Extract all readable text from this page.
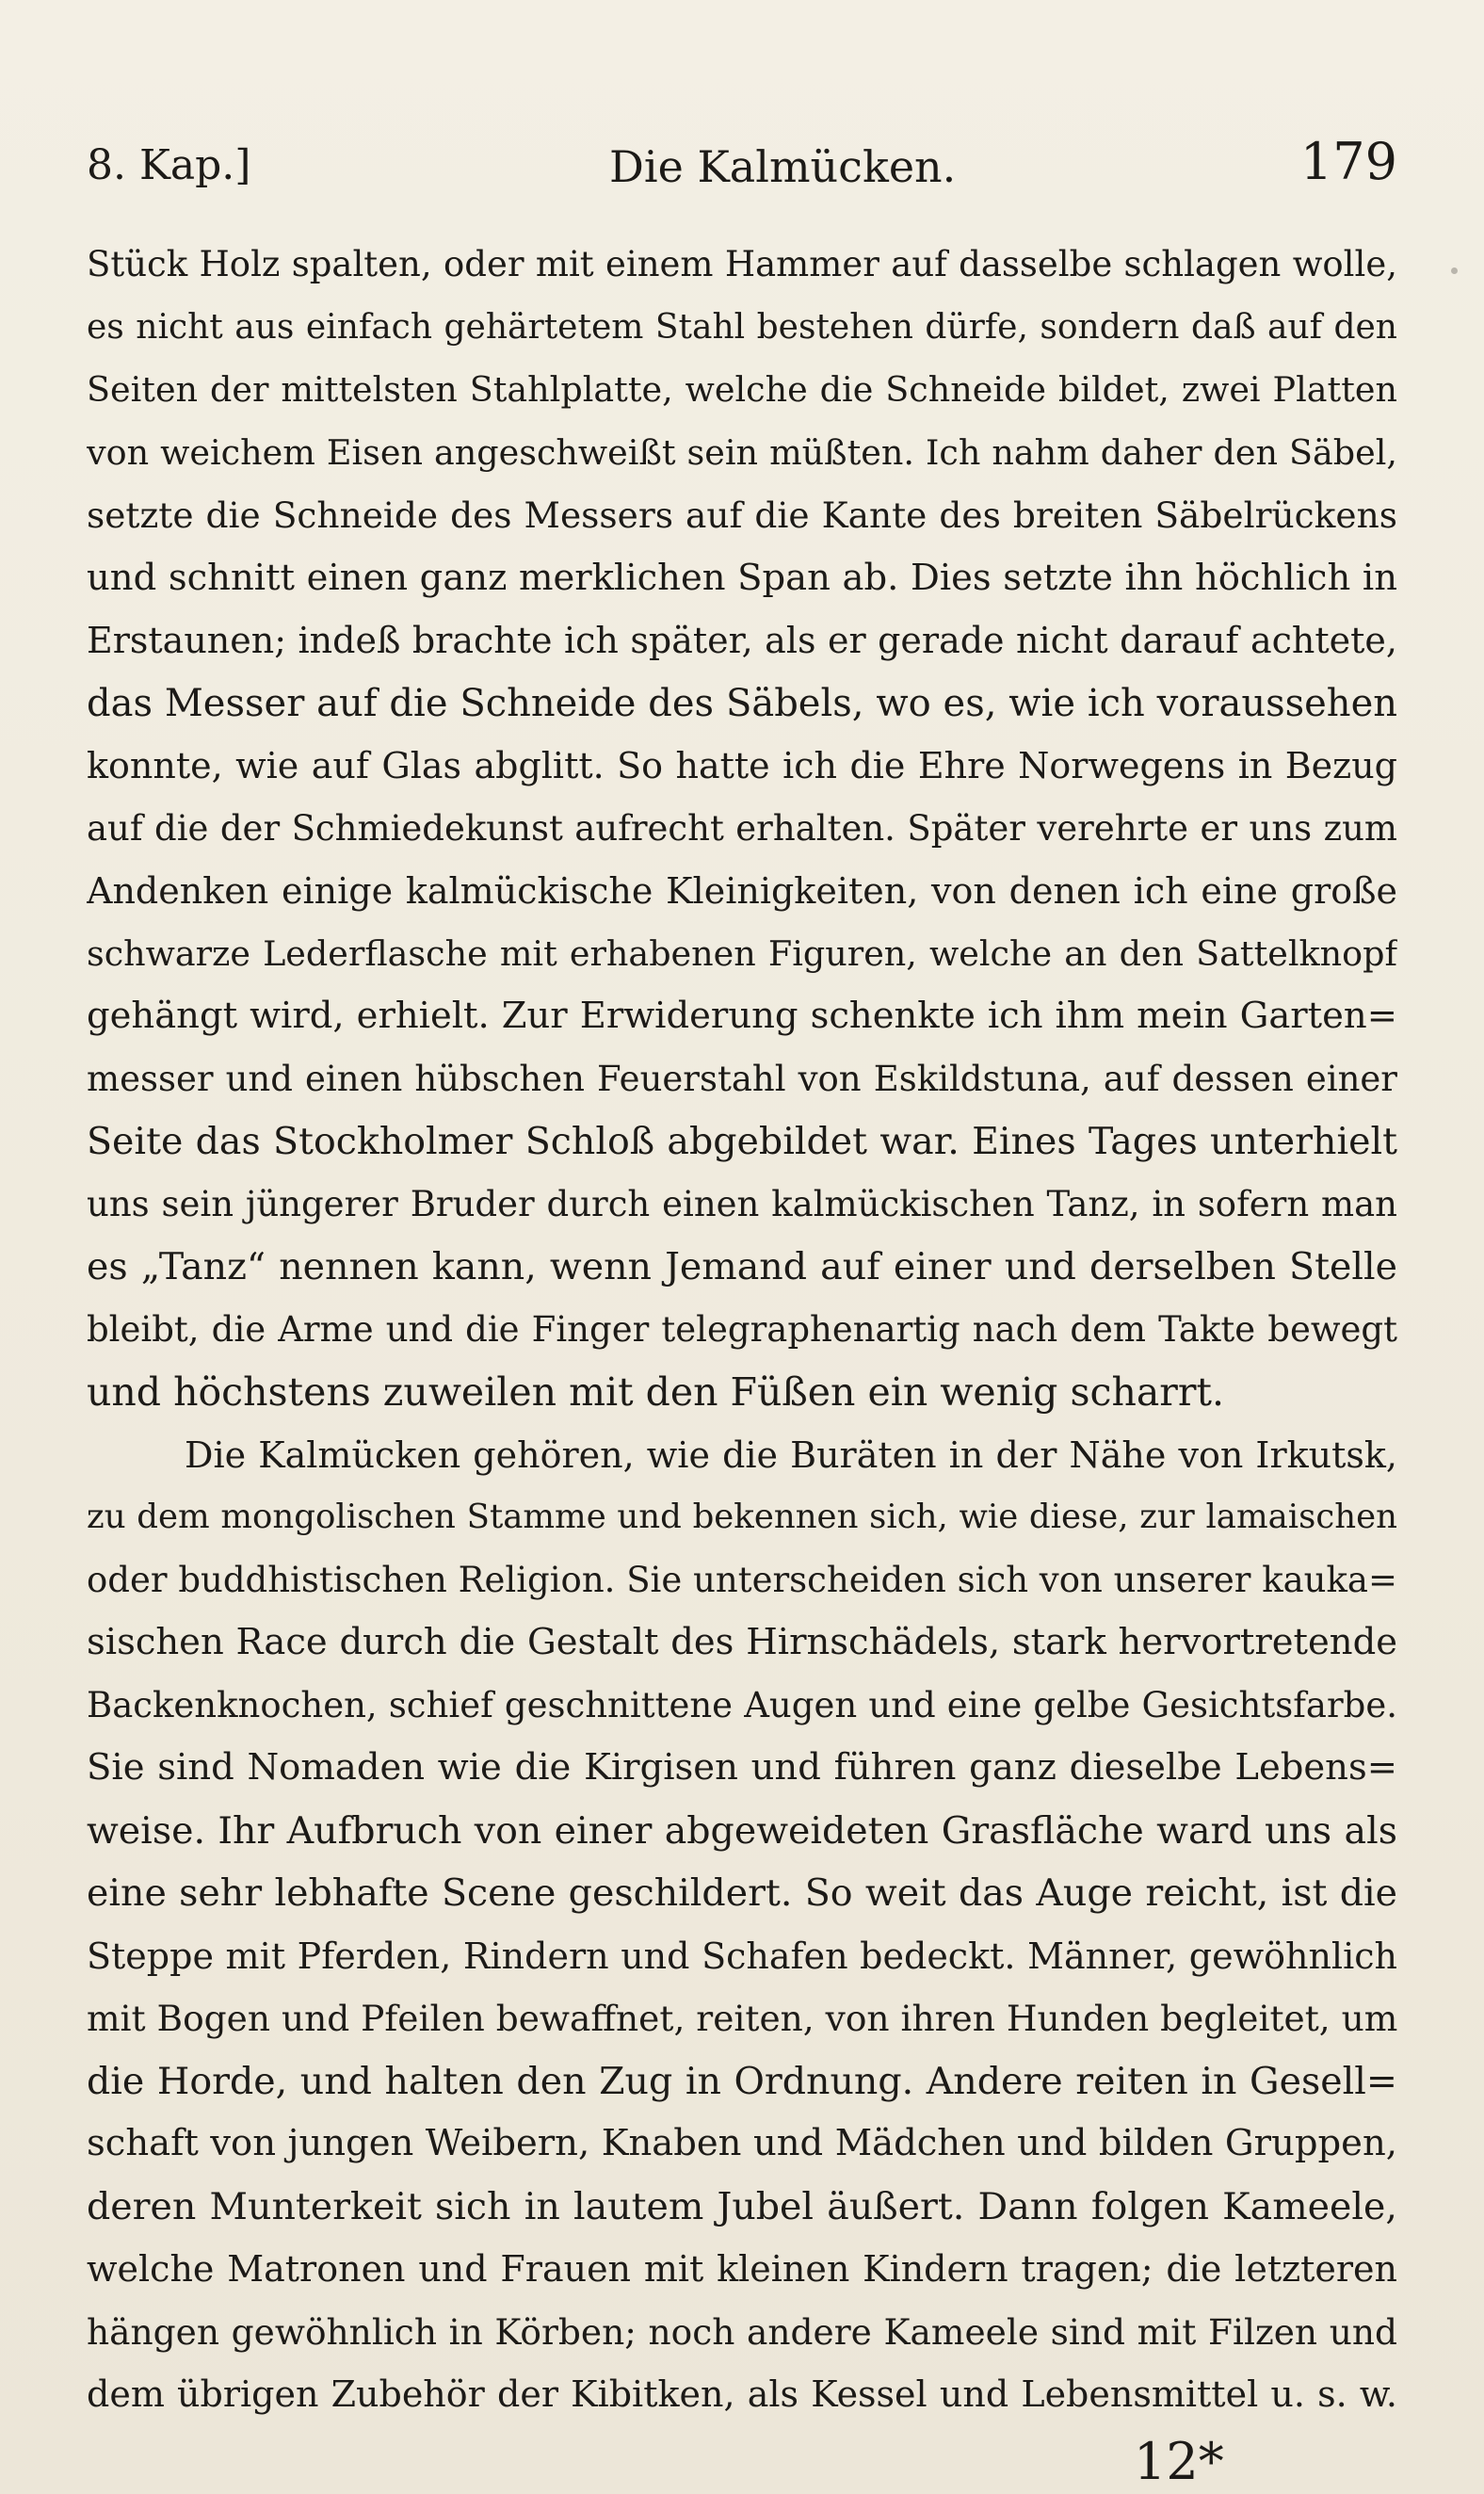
8. Kap.]	Die Kalmücken.	179
Stück Holz spalten, oder mit einem Hammer auf dasselbe schlagen wolle,
es nicht aus einfach gehärtetem Stahl bestehen dürfe, sondern daß auf den
Seiten der mittelsten Stahlplatte, welche die Schneide bildet, zwei Platten
von weichem Eisen angeschweißt sein müßten. Ich nahm daher den Säbel,
setzte die Schneide des Messers auf die Kante des breiten Säbelrückens
und schnitt einen ganz merklichen Span ab. Dies setzte ihn höchlich in
Erstaunen; indeß brachte ich später, als er gerade nicht darauf achtete,
das Messer auf die Schneide des Säbels, wo es, wie ich voraussehen
konnte, wie auf Glas abglitt. So hatte ich die Ehre Norwegens in Bezug
auf die der Schmiedekunst aufrecht erhalten. Später verehrte er uns zum
Andenken einige kalmückische Kleinigkeiten, von denen ich eine große
schwarze Lederflasche mit erhabenen Figuren, welche an den Sattelknopf
gehängt wird, erhielt. Zur Erwiderung schenkte ich ihm mein Garten=
messer und einen hübschen Feuerstahl von Eskildstuna, auf dessen einer
Seite das Stockholmer Schloß abgebildet war. Eines Tages unterhielt
uns sein jüngerer Bruder durch einen kalmückischen Tanz, in sofern man
es „Tanz“ nennen kann, wenn Jemand auf einer und derselben Stelle
bleibt, die Arme und die Finger telegraphenartig nach dem Takte bewegt
und höchstens zuweilen mit den Füßen ein wenig scharrt.
Die Kalmücken gehören, wie die Buräten in der Nähe von Irkutsk,
zu dem mongolischen Stamme und bekennen sich, wie diese, zur lamaischen
oder buddhistischen Religion. Sie unterscheiden sich von unserer kauka=
sischen Race durch die Gestalt des Hirnschädels, stark hervortretende
Backenknochen, schief geschnittene Augen und eine gelbe Gesichtsfarbe.
Sie sind Nomaden wie die Kirgisen und führen ganz dieselbe Lebens=
weise. Ihr Aufbruch von einer abgeweideten Grasfläche ward uns als
eine sehr lebhafte Scene geschildert. So weit das Auge reicht, ist die
Steppe mit Pferden, Rindern und Schafen bedeckt. Männer, gewöhnlich
mit Bogen und Pfeilen bewaffnet, reiten, von ihren Hunden begleitet, um
die Horde, und halten den Zug in Ordnung. Andere reiten in Gesell=
schaft von jungen Weibern, Knaben und Mädchen und bilden Gruppen,
deren Munterkeit sich in lautem Jubel äußert. Dann folgen Kameele,
welche Matronen und Frauen mit kleinen Kindern tragen; die letzteren
hängen gewöhnlich in Körben; noch andere Kameele sind mit Filzen und
dem übrigen Zubehör der Kibitken, als Kessel und Lebensmittel u. s. w.
12*
